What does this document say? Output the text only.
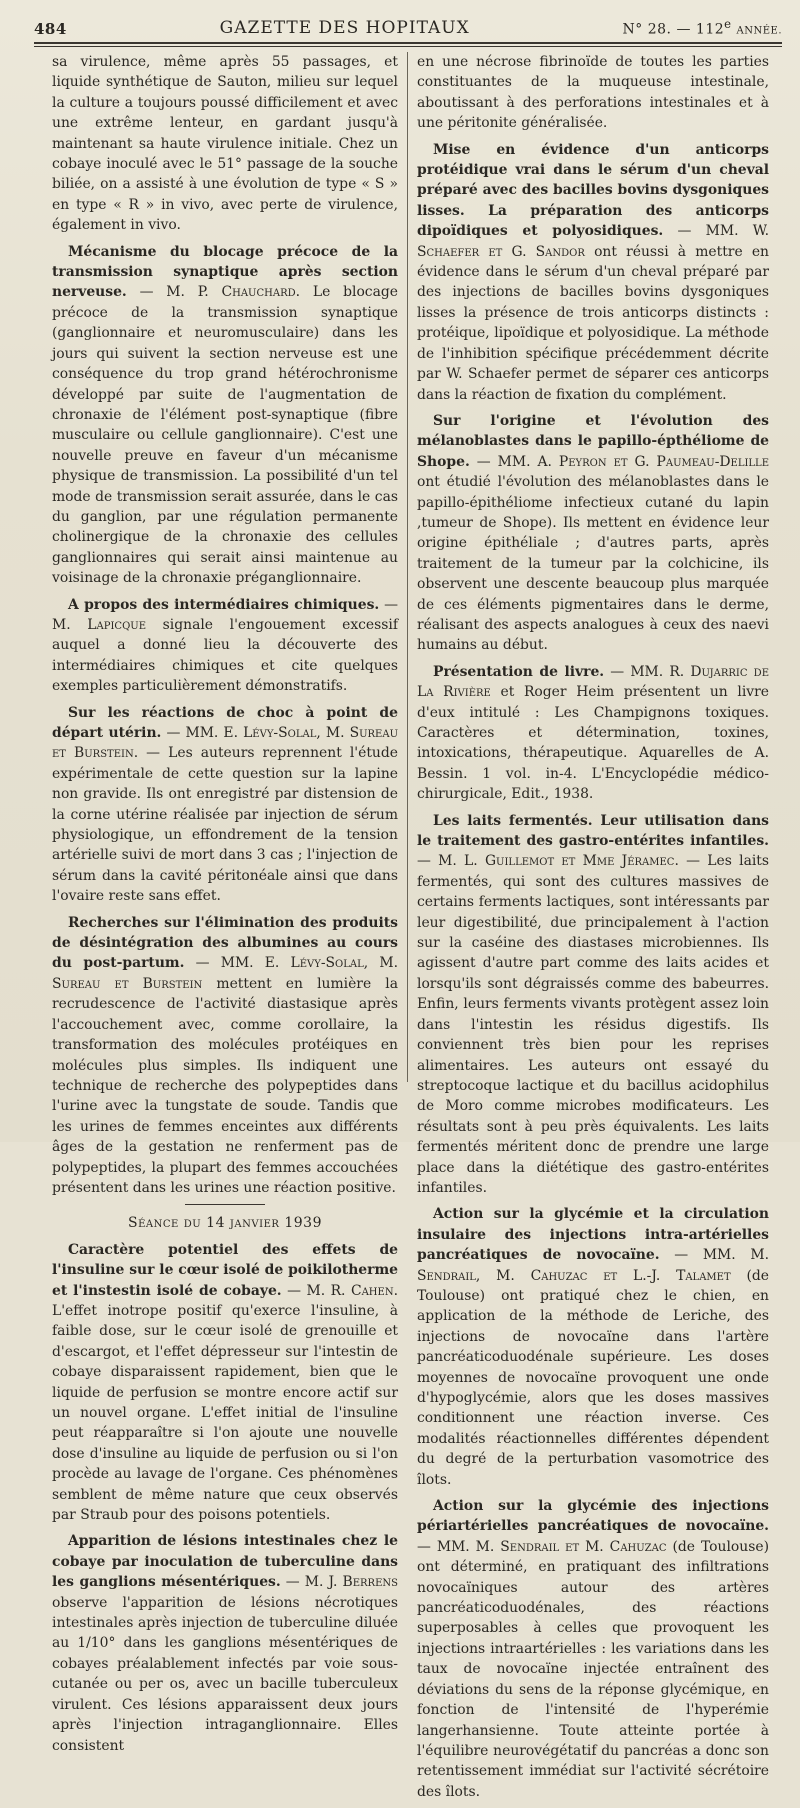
484	GAZETTE DES HOPITAUX	N° 28. — 112e ANNÉE.

sa virulence, même après 55 passages, et liquide synthétique de Sauton, milieu sur lequel la culture a toujours poussé difficilement et avec une extrême lenteur, en gardant jusqu'à maintenant sa haute virulence initiale. Chez un cobaye inoculé avec le 51° passage de la souche biliée, on a assisté à une évolution de type « S » en type « R » in vivo, avec perte de virulence, également in vivo.

Mécanisme du blocage précoce de la transmission synaptique après section nerveuse. — M. P. Chauchard. Le blocage précoce de la transmission synaptique (ganglionnaire et neuromusculaire) dans les jours qui suivent la section nerveuse est une conséquence du trop grand hétérochronisme développé par suite de l'augmentation de chronaxie de l'élément post-synaptique (fibre musculaire ou cellule ganglionnaire). C'est une nouvelle preuve en faveur d'un mécanisme physique de transmission. La possibilité d'un tel mode de transmission serait assurée, dans le cas du ganglion, par une régulation permanente cholinergique de la chronaxie des cellules ganglionnaires qui serait ainsi maintenue au voisinage de la chronaxie préganglionnaire.

A propos des intermédiaires chimiques. — M. Lapicque signale l'engouement excessif auquel a donné lieu la découverte des intermédiaires chimiques et cite quelques exemples particulièrement démonstratifs.

Sur les réactions de choc à point de départ utérin. — MM. E. Lévy-Solal, M. Sureau et Burstein. — Les auteurs reprennent l'étude expérimentale de cette question sur la lapine non gravide. Ils ont enregistré par distension de la corne utérine réalisée par injection de sérum physiologique, un effondrement de la tension artérielle suivi de mort dans 3 cas ; l'injection de sérum dans la cavité péritonéale ainsi que dans l'ovaire reste sans effet.

Recherches sur l'élimination des produits de désintégration des albumines au cours du post-partum. — MM. E. Lévy-Solal, M. Sureau et Burstein mettent en lumière la recrudescence de l'activité diastasique après l'accouchement avec, comme corollaire, la transformation des molécules protéiques en molécules plus simples. Ils indiquent une technique de recherche des polypeptides dans l'urine avec la tungstate de soude. Tandis que les urines de femmes enceintes aux différents âges de la gestation ne renferment pas de polypeptides, la plupart des femmes accouchées présentent dans les urines une réaction positive.

Séance du 14 janvier 1939

Caractère potentiel des effets de l'insuline sur le cœur isolé de poikilotherme et l'instestin isolé de cobaye. — M. R. Cahen. L'effet inotrope positif qu'exerce l'insuline, à faible dose, sur le cœur isolé de grenouille et d'escargot, et l'effet dépresseur sur l'intestin de cobaye disparaissent rapidement, bien que le liquide de perfusion se montre encore actif sur un nouvel organe. L'effet initial de l'insuline peut réapparaître si l'on ajoute une nouvelle dose d'insuline au liquide de perfusion ou si l'on procède au lavage de l'organe. Ces phénomènes semblent de même nature que ceux observés par Straub pour des poisons potentiels.

Apparition de lésions intestinales chez le cobaye par inoculation de tuberculine dans les ganglions mésentériques. — M. J. Berrens observe l'apparition de lésions nécrotiques intestinales après injection de tuberculine diluée au 1/10° dans les ganglions mésentériques de cobayes préalablement infectés par voie sous-cutanée ou per os, avec un bacille tuberculeux virulent. Ces lésions apparaissent deux jours après l'injection intraganglionnaire. Elles consistent

en une nécrose fibrinoïde de toutes les parties constituantes de la muqueuse intestinale, aboutissant à des perforations intestinales et à une péritonite généralisée.

Mise en évidence d'un anticorps protéidique vrai dans le sérum d'un cheval préparé avec des bacilles bovins dysgoniques lisses. La préparation des anticorps dipoïdiques et polyosidiques. — MM. W. Schaefer et G. Sandor ont réussi à mettre en évidence dans le sérum d'un cheval préparé par des injections de bacilles bovins dysgoniques lisses la présence de trois anticorps distincts : protéique, lipoïdique et polyosidique. La méthode de l'inhibition spécifique précédemment décrite par W. Schaefer permet de séparer ces anticorps dans la réaction de fixation du complément.

Sur l'origine et l'évolution des mélanoblastes dans le papillo-épthéliome de Shope. — MM. A. Peyron et G. Paumeau-Delille ont étudié l'évolution des mélanoblastes dans le papillo-épithéliome infectieux cutané du lapin ,tumeur de Shope). Ils mettent en évidence leur origine épithéliale ; d'autres parts, après traitement de la tumeur par la colchicine, ils observent une descente beaucoup plus marquée de ces éléments pigmentaires dans le derme, réalisant des aspects analogues à ceux des naevi humains au début.

Présentation de livre. — MM. R. Dujarric de La Rivière et Roger Heim présentent un livre d'eux intitulé : Les Champignons toxiques. Caractères et détermination, toxines, intoxications, thérapeutique. Aquarelles de A. Bessin. 1 vol. in-4. L'Encyclopédie médico-chirurgicale, Edit., 1938.

Les laits fermentés. Leur utilisation dans le traitement des gastro-entérites infantiles. — M. L. Guillemot et Mme Jéramec. — Les laits fermentés, qui sont des cultures massives de certains ferments lactiques, sont intéressants par leur digestibilité, due principalement à l'action sur la caséine des diastases microbiennes. Ils agissent d'autre part comme des laits acides et lorsqu'ils sont dégraissés comme des babeurres. Enfin, leurs ferments vivants protègent assez loin dans l'intestin les résidus digestifs. Ils conviennent très bien pour les reprises alimentaires. Les auteurs ont essayé du streptocoque lactique et du bacillus acidophilus de Moro comme microbes modificateurs. Les résultats sont à peu près équivalents. Les laits fermentés méritent donc de prendre une large place dans la diététique des gastro-entérites infantiles.

Action sur la glycémie et la circulation insulaire des injections intra-artérielles pancréatiques de novocaïne. — MM. M. Sendrail, M. Cahuzac et L.-J. Talamet (de Toulouse) ont pratiqué chez le chien, en application de la méthode de Leriche, des injections de novocaïne dans l'artère pancréaticoduodénale supérieure. Les doses moyennes de novocaïne provoquent une onde d'hypoglycémie, alors que les doses massives conditionnent une réaction inverse. Ces modalités réactionnelles différentes dépendent du degré de la perturbation vasomotrice des îlots.

Action sur la glycémie des injections périartérielles pancréatiques de novocaïne. — MM. M. Sendrail et M. Cahuzac (de Toulouse) ont déterminé, en pratiquant des infiltrations novocaïniques autour des artères pancréaticoduodénales, des réactions superposables à celles que provoquent les injections intraartérielles : les variations dans les taux de novocaïne injectée entraînent des déviations du sens de la réponse glycémique, en fonction de l'intensité de l'hyperémie langerhansienne. Toute atteinte portée à l'équilibre neurovégétatif du pancréas a donc son retentissement immédiat sur l'activité sécrétoire des îlots.
